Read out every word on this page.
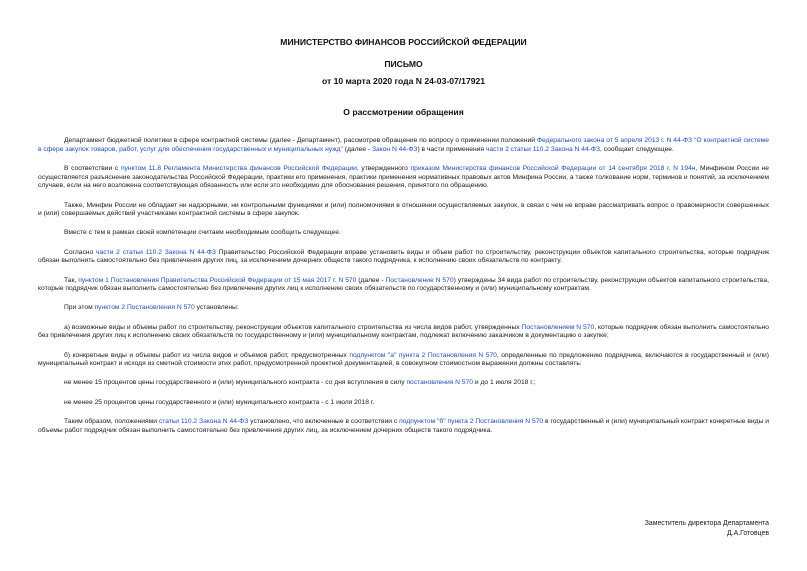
МИНИСТЕРСТВО ФИНАНСОВ РОССИЙСКОЙ ФЕДЕРАЦИИ
ПИСЬМО
от 10 марта 2020 года N 24-03-07/17921
О рассмотрении обращения

Департамент бюджетной политики в сфере контрактной системы (далее - Департамент), рассмотрев обращение по вопросу о применении положений Федерального закона от 5 апреля 2013 г. N 44-ФЗ "О контрактной системе в сфере закупок товаров, работ, услуг для обеспечения государственных и муниципальных нужд" (далее - Закон N 44-ФЗ) в части применения части 2 статьи 110.2 Закона N 44-ФЗ, сообщает следующее.

В соответствии с пунктом 11.8 Регламента Министерства финансов Российской Федерации, утвержденного приказом Министерства финансов Российской Федерации от 14 сентября 2018 г. N 194н, Минфином России не осуществляется разъяснение законодательства Российской Федерации, практики его применения, практики применения нормативных правовых актов Минфина России, а также толкование норм, терминов и понятий, за исключением случаев, если на него возложена соответствующая обязанность или если это необходимо для обоснования решения, принятого по обращению.

Также, Минфин России не обладает ни надзорными, ни контрольными функциями и (или) полномочиями в отношении осуществляемых закупок, в связи с чем не вправе рассматривать вопрос о правомерности совершенных и (или) совершаемых действий участниками контрактной системы в сфере закупок.

Вместе с тем в рамках своей компетенции считаем необходимым сообщить следующее.

Согласно части 2 статьи 110.2 Закона N 44-ФЗ Правительство Российской Федерации вправе установить виды и объем работ по строительству, реконструкции объектов капитального строительства, которые подрядчик обязан выполнить самостоятельно без привлечения других лиц, за исключением дочерних обществ такого подрядчика, к исполнению своих обязательств по контракту.

Так, пунктом 1 Постановления Правительства Российской Федерации от 15 мая 2017 г. N 570 (далее - Постановление N 570) утверждены 34 вида работ по строительству, реконструкции объектов капитального строительства, которые подрядчик обязан выполнить самостоятельно без привлечения других лиц к исполнению своих обязательств по государственному и (или) муниципальному контрактам.

При этом пунктом 2 Постановления N 570 установлены:

а) возможные виды и объемы работ по строительству, реконструкции объектов капитального строительства из числа видов работ, утвержденных Постановлением N 570, которые подрядчик обязан выполнить самостоятельно без привлечения других лиц к исполнению своих обязательств по государственному и (или) муниципальному контрактам, подлежат включению заказчиком в документацию о закупке;

б) конкретные виды и объемы работ из числа видов и объемов работ, предусмотренных подпунктом "а" пункта 2 Постановления N 570, определенные по предложению подрядчика, включаются в государственный и (или) муниципальный контракт и исходя из сметной стоимости этих работ, предусмотренной проектной документацией, в совокупном стоимостном выражении должны составлять:

не менее 15 процентов цены государственного и (или) муниципального контракта - со дня вступления в силу постановления N 570 и до 1 июля 2018 г.;

не менее 25 процентов цены государственного и (или) муниципального контракта - с 1 июля 2018 г.

Таким образом, положениями статьи 110.2 Закона N 44-ФЗ установлено, что включенные в соответствии с подпунктом "б" пункта 2 Постановления N 570 в государственный и (или) муниципальный контракт конкретные виды и объемы работ подрядчик обязан выполнить самостоятельно без привлечения других лиц, за исключением дочерних обществ такого подрядчика.

Заместитель директора Департамента
Д.А.Готовцев
